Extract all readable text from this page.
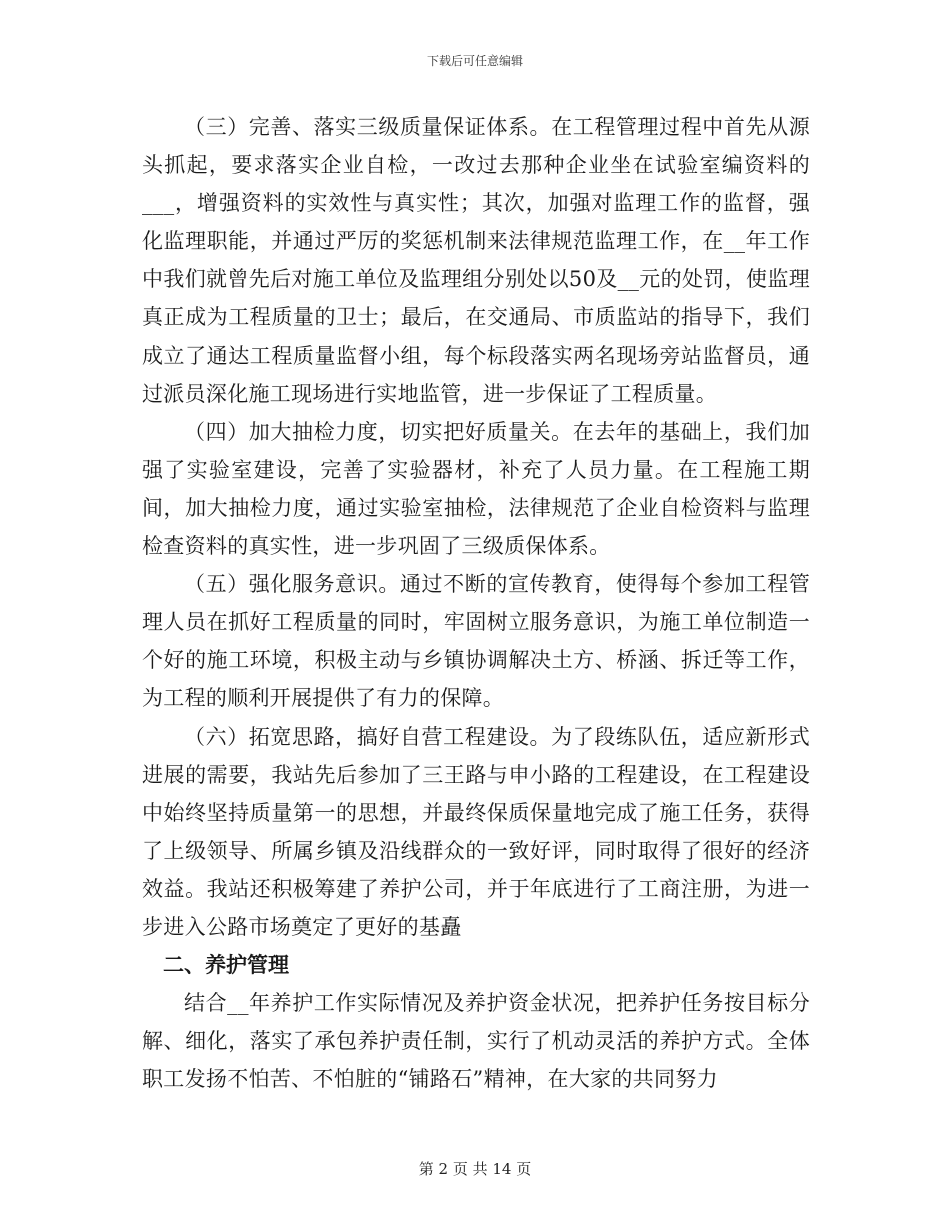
下载后可任意编辑

（三）完善、落实三级质量保证体系。在工程管理过程中首先从源头抓起，要求落实企业自检，一改过去那种企业坐在试验室编资料的___，增强资料的实效性与真实性；其次，加强对监理工作的监督，强化监理职能，并通过严厉的奖惩机制来法律规范监理工作，在__年工作中我们就曾先后对施工单位及监理组分别处以50及__元的处罚，使监理真正成为工程质量的卫士；最后，在交通局、市质监站的指导下，我们成立了通达工程质量监督小组，每个标段落实两名现场旁站监督员，通过派员深化施工现场进行实地监管，进一步保证了工程质量。

（四）加大抽检力度，切实把好质量关。在去年的基础上，我们加强了实验室建设，完善了实验器材，补充了人员力量。在工程施工期间，加大抽检力度，通过实验室抽检，法律规范了企业自检资料与监理检查资料的真实性，进一步巩固了三级质保体系。

（五）强化服务意识。通过不断的宣传教育，使得每个参加工程管理人员在抓好工程质量的同时，牢固树立服务意识，为施工单位制造一个好的施工环境，积极主动与乡镇协调解决土方、桥涵、拆迁等工作，为工程的顺利开展提供了有力的保障。

（六）拓宽思路，搞好自营工程建设。为了段练队伍，适应新形式进展的需要，我站先后参加了三王路与申小路的工程建设，在工程建设中始终坚持质量第一的思想，并最终保质保量地完成了施工任务，获得了上级领导、所属乡镇及沿线群众的一致好评，同时取得了很好的经济效益。我站还积极筹建了养护公司，并于年底进行了工商注册，为进一步进入公路市场奠定了更好的基矗

二、养护管理

结合__年养护工作实际情况及养护资金状况，把养护任务按目标分解、细化，落实了承包养护责任制，实行了机动灵活的养护方式。全体职工发扬不怕苦、不怕脏的“铺路石”精神，在大家的共同努力

第 2 页 共 14 页
